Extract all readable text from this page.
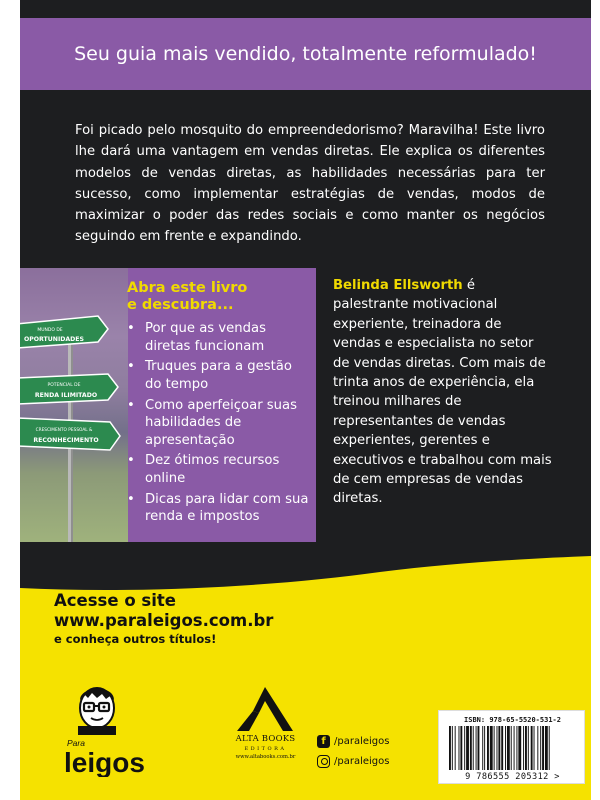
Seu guia mais vendido, totalmente reformulado!

Foi picado pelo mosquito do empreendedorismo? Maravilha! Este livro lhe dará uma vantagem em vendas diretas. Ele explica os diferentes modelos de vendas diretas, as habilidades necessárias para ter sucesso, como implementar estratégias de vendas, modos de maximizar o poder das redes sociais e como manter os negócios seguindo em frente e expandindo.

MUNDO DE
OPORTUNIDADES
POTENCIAL DE
RENDA ILIMITADO
CRESCIMENTO PESSOAL &
RECONHECIMENTO
Abra este livro
e descubra...
• Por que as vendas diretas funcionam
• Truques para a gestão do tempo
• Como aperfeiçoar suas habilidades de apresentação
• Dez ótimos recursos online
• Dicas para lidar com sua renda e impostos

Belinda Ellsworth é palestrante motivacional experiente, treinadora de vendas e especialista no setor de vendas diretas. Com mais de trinta anos de experiência, ela treinou milhares de representantes de vendas experientes, gerentes e executivos e trabalhou com mais de cem empresas de vendas diretas.

Acesse o site
www.paraleigos.com.br
e conheça outros títulos!
Para
leigos
ALTA BOOKS
EDITORA
www.altabooks.com.br
f /paraleigos
/paraleigos
ISBN: 978-65-5520-531-2
9 786555 205312 >
